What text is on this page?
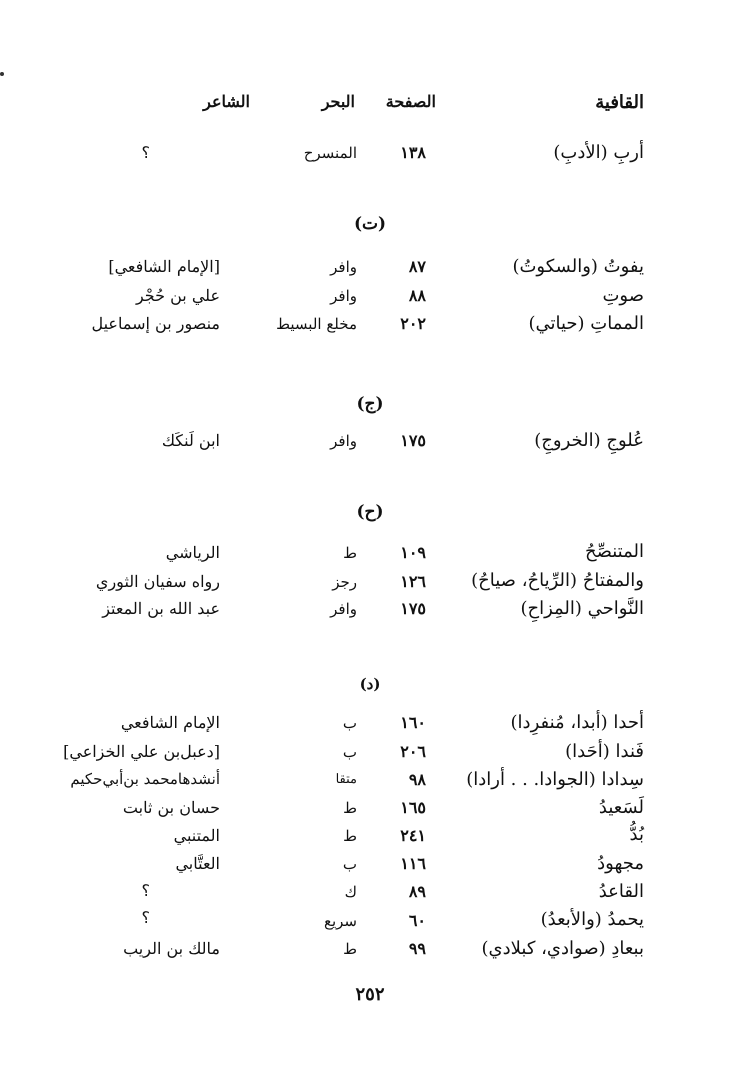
القافية
الصفحة
البحر
الشاعر
أربِ (الأدبِ)
١٣٨
المنسرح
؟
(ت)
يفوتُ (والسكوتُ)
٨٧
وافر
[الإمام الشافعي]
صوتِ
٨٨
وافر
علي بن حُجْر
المماتِ (حياتي)
٢٠٢
مخلع البسيط
منصور بن إسماعيل
(ج)
عُلوجِ (الخروجِ)
١٧٥
وافر
ابن لَنكَك
(ح)
المتنصِّحُ
١٠٩
ط
الرياشي
والمفتاحُ (الرِّياحُ، صياحُ)
١٢٦
رجز
رواه سفيان الثوري
النَّواحي (المِزاحِ)
١٧٥
وافر
عبد الله بن المعتز
(د)
أحدا (أبدا، مُنفرِدا)
١٦٠
ب
الإمام الشافعي
فَندا (أحَدا)
٢٠٦
ب
[دعبل‌بن علي الخزاعي]
سِدادا (الجوادا. . . أرادا)
٩٨
متقا
أنشدهامحمد بن‌أبي‌حكيم
لَسَعيدُ
١٦٥
ط
حسان بن ثابت
بُدُّ
٢٤١
ط
المتنبي
مجهودُ
١١٦
ب
العتَّابي
القاعدُ
٨٩
ك
؟
يحمدُ (والأبعدُ)
٦٠
سريع
؟
ببعادِ (صوادي، كبلادي)
٩٩
ط
مالك بن الريب
٢٥٢
